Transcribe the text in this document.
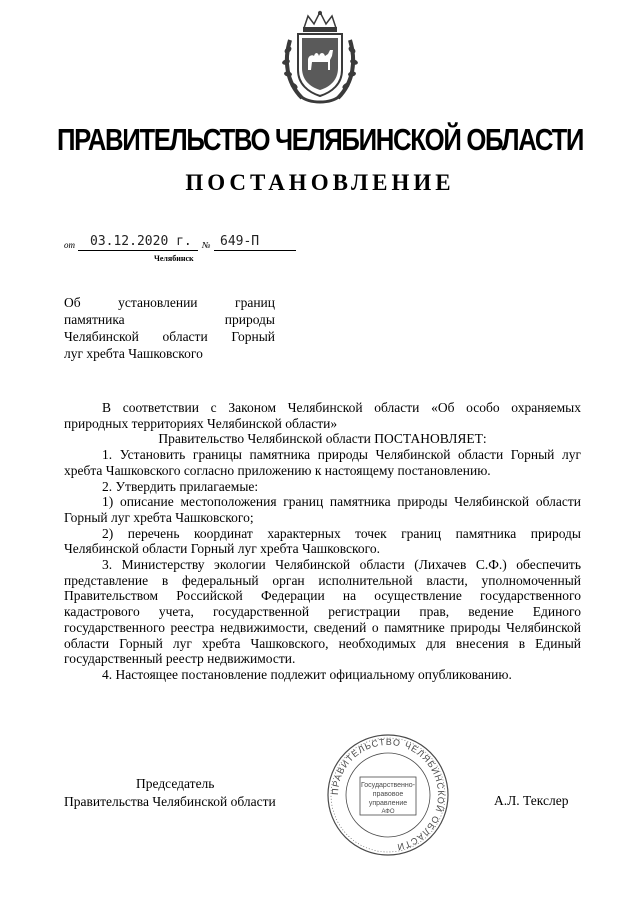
ПРАВИТЕЛЬСТВО ЧЕЛЯБИНСКОЙ ОБЛАСТИ
ПОСТАНОВЛЕНИЕ
от 03.12.2020 г. № 649-П
Челябинск
Об установлении границ
памятника природы
Челябинской области Горный
луг хребта Чашковского

В соответствии с Законом Челябинской области «Об особо охраняемых природных территориях Челябинской области»

Правительство Челябинской области ПОСТАНОВЛЯЕТ:

1. Установить границы памятника природы Челябинской области Горный луг хребта Чашковского согласно приложению к настоящему постановлению.

2. Утвердить прилагаемые:

1) описание местоположения границ памятника природы Челябинской области Горный луг хребта Чашковского;

2) перечень координат характерных точек границ памятника природы Челябинской области Горный луг хребта Чашковского.

3. Министерству экологии Челябинской области (Лихачев С.Ф.) обеспечить представление в федеральный орган исполнительной власти, уполномоченный Правительством Российской Федерации на осуществление государственного кадастрового учета, государственной регистрации прав, ведение Единого государственного реестра недвижимости, сведений о памятнике природы Челябинской области Горный луг хребта Чашковского, необходимых для внесения в Единый государственный реестр недвижимости.

4. Настоящее постановление подлежит официальному опубликованию.

Председатель
Правительства Челябинской области	А.Л. Текслер
ПРАВИТЕЛЬСТВО ЧЕЛЯБИНСКОЙ ОБЛАСТИ
Государственно-
правовое
управление
АФО
